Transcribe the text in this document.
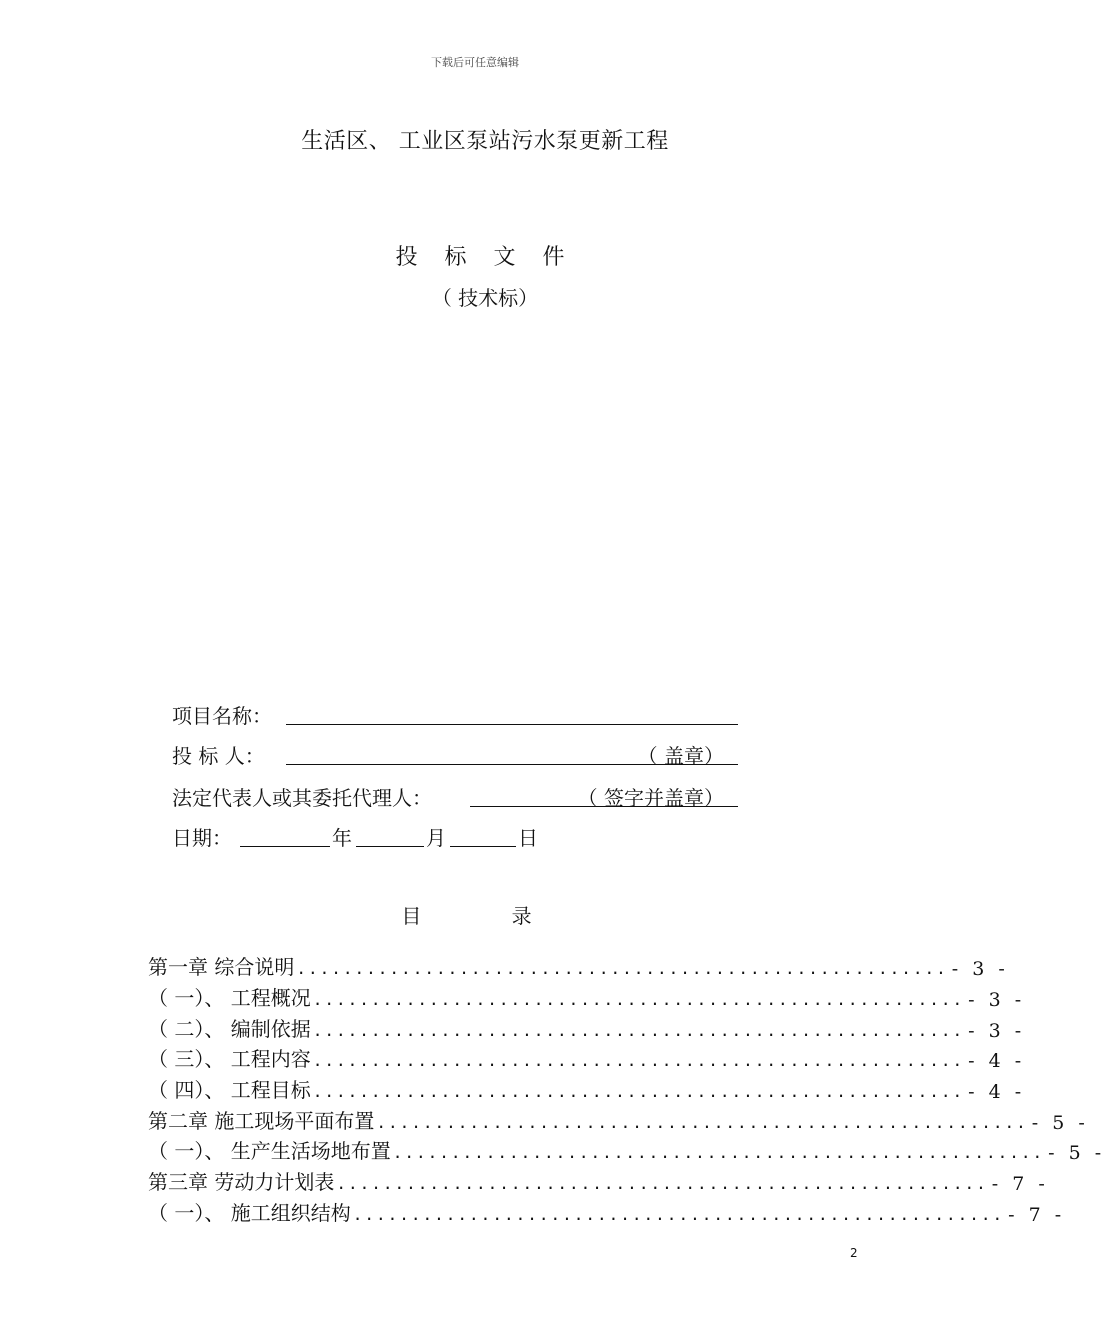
下载后可任意编辑
生活区、 工业区泵站污水泵更新工程
投 标 文 件
（ 技术标）
项目名称：
投 标 人：	（ 盖章）
法定代表人或其委托代理人：	（ 签字并盖章）
日期：	年	月	日
目 录
第一章 综合说明 ........................................................ - 3 -
（ 一）、 工程概况 ........................................................ - 3 -
（ 二）、 编制依据 ........................................................ - 3 -
（ 三）、 工程内容 ........................................................ - 4 -
（ 四）、 工程目标 ........................................................ - 4 -
第二章 施工现场平面布置 ........................................................ - 5 -
（ 一）、 生产生活场地布置 ........................................................ - 5 -
第三章 劳动力计划表 ........................................................ - 7 -
（ 一）、 施工组织结构 ........................................................ - 7 -
2
